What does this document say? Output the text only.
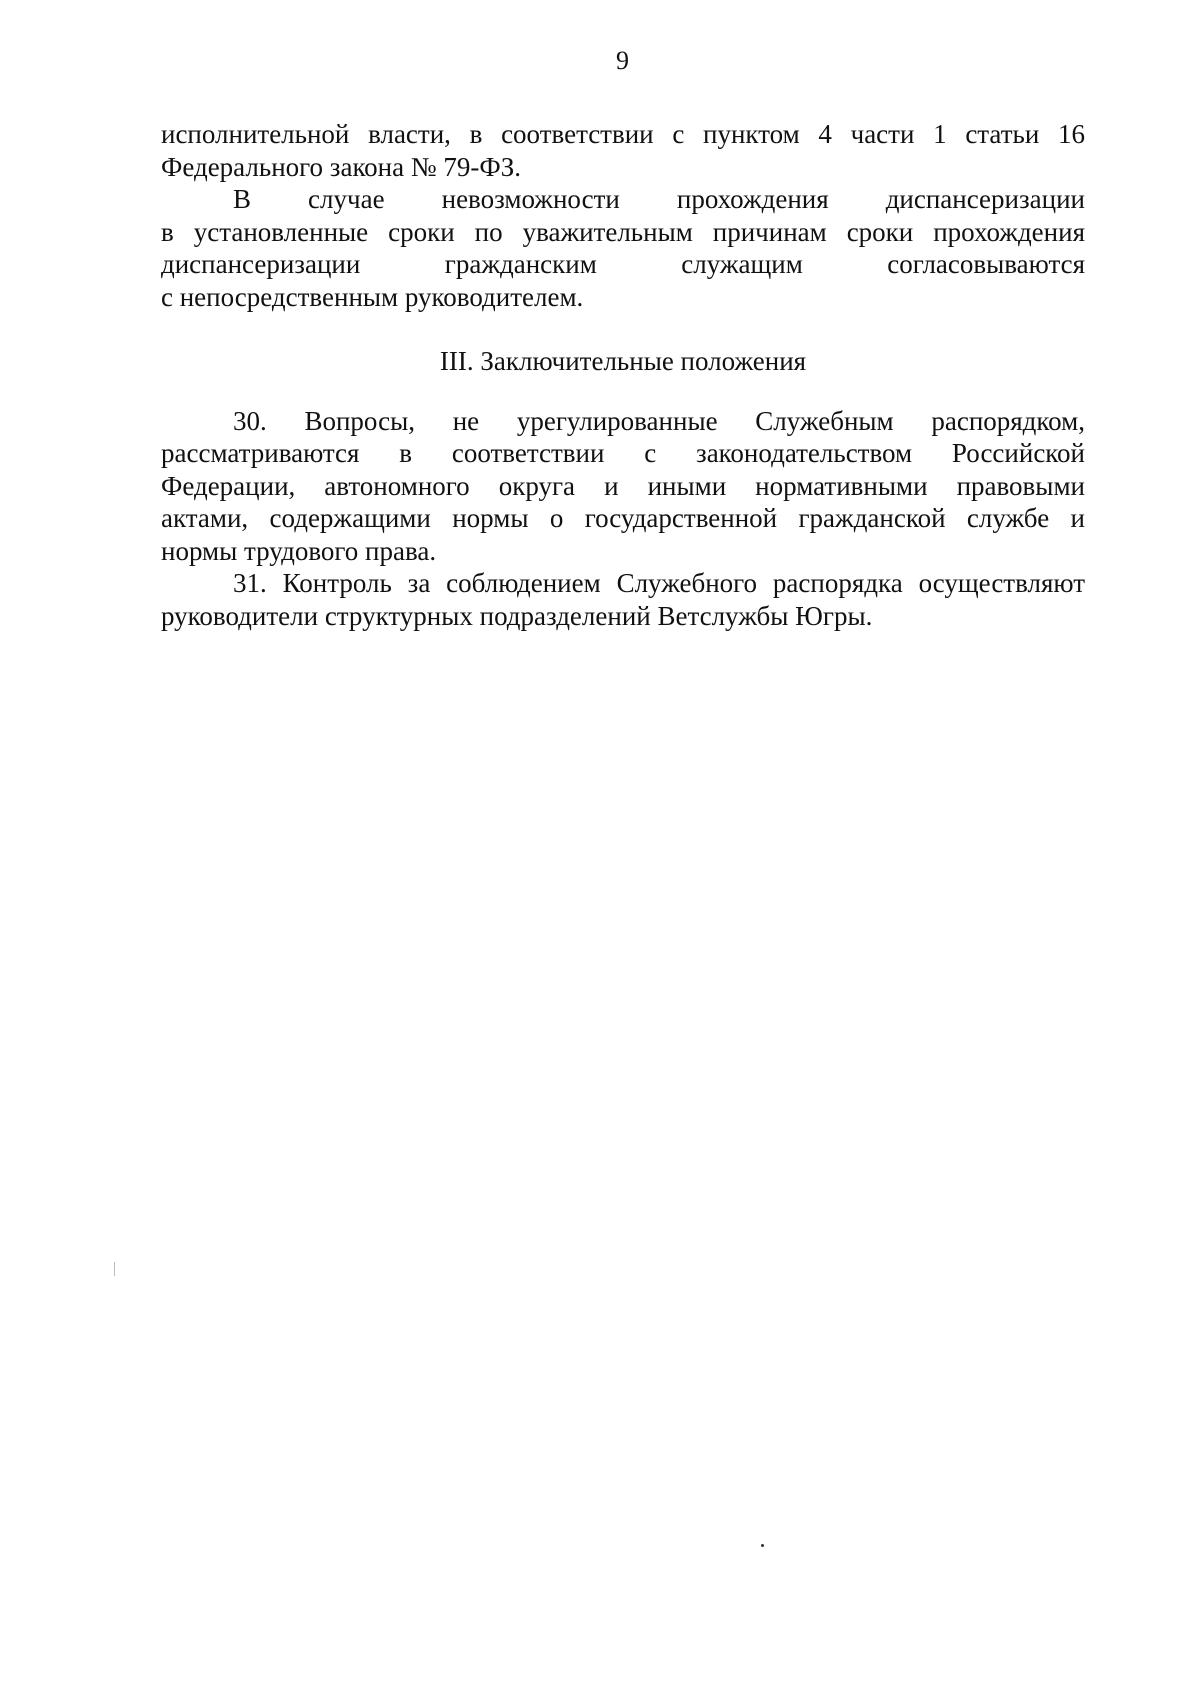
9

исполнительной власти, в соответствии с пунктом 4 части 1 статьи 16
Федерального закона № 79-ФЗ.

В случае невозможности прохождения диспансеризации
в установленные сроки по уважительным причинам сроки прохождения
диспансеризации гражданским служащим согласовываются
с непосредственным руководителем.

III. Заключительные положения

30. Вопросы, не урегулированные Служебным распорядком,
рассматриваются в соответствии с законодательством Российской
Федерации, автономного округа и иными нормативными правовыми
актами, содержащими нормы о государственной гражданской службе и
нормы трудового права.

31. Контроль за соблюдением Служебного распорядка осуществляют
руководители структурных подразделений Ветслужбы Югры.
